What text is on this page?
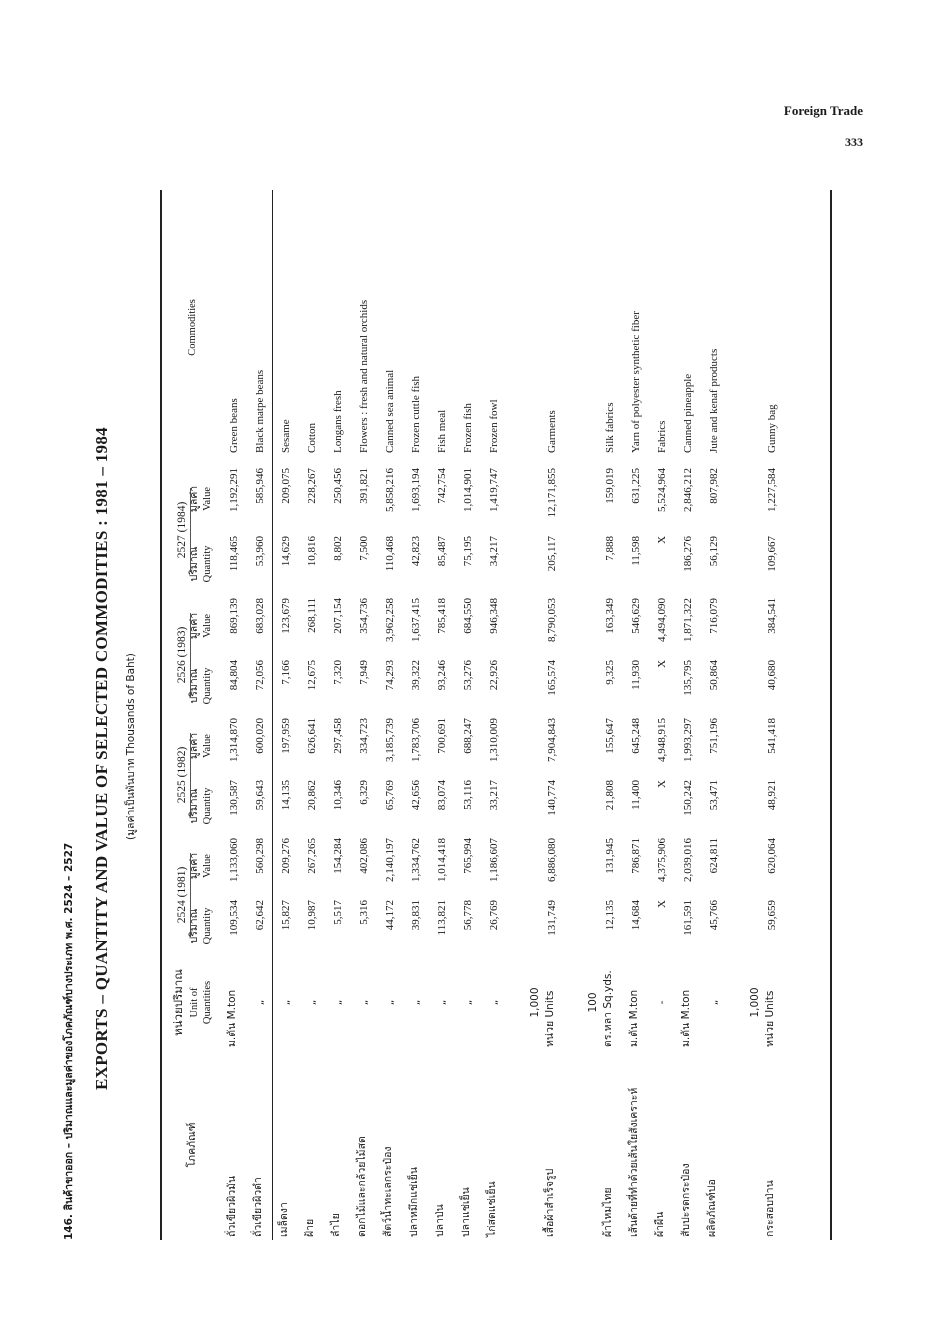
Foreign Trade
333
146. สินค้าขาออก – ปริมาณและมูลค่าของโภคภัณฑ์บางประเภท พ.ศ. 2524 – 2527 EXPORTS – QUANTITY AND VALUE OF SELECTED COMMODITIES : 1981 – 1984 (มูลค่าเป็นพันบาท Thousands of Baht)
โภคภัณฑ์	หน่วยปริมาณ	2524 (1981)		2525 (1982)		2526 (1983)		2527 (1984)		Commodities
	Unit of Quantities	ปริมาณ Quantity	มูลค่า Value	ปริมาณ Quantity	มูลค่า Value	ปริมาณ Quantity	มูลค่า Value	ปริมาณ Quantity	มูลค่า Value	
ถั่วเขียวผิวมัน	ม.ตัน M.ton	109,534	1,133,060	130,587	1,314,870	84,804	869,139	118,465	1,192,291	Green beans
ถั่วเขียวผิวดำ	„	62,642	560,298	59,643	600,020	72,056	683,028	53,960	585,946	Black matpe beans
เมล็ดงา	„	15,827	209,276	14,135	197,959	7,166	123,679	14,629	209,075	Sesame
ฝ้าย	„	10,987	267,265	20,862	626,641	12,675	268,111	10,816	228,267	Cotton
ลำไย	„	5,517	154,284	10,346	297,458	7,320	207,154	8,802	250,456	Longans fresh
ดอกไม้และกล้วยไม้สด	„	5,316	402,086	6,329	334,723	7,949	354,736	7,500	391,821	Flowers : fresh and natural orchids
สัตว์น้ำทะเลกระป๋อง	„	44,172	2,140,197	65,769	3,185,739	74,293	3,962,258	110,468	5,858,216	Canned sea animal
ปลาหมึกแช่เย็น	„	39,831	1,334,762	42,656	1,783,706	39,322	1,637,415	42,823	1,693,194	Frozen cuttle fish
ปลาป่น	„	113,821	1,014,418	83,074	700,691	93,246	785,418	85,487	742,754	Fish meal
ปลาแช่เย็น	„	56,778	765,994	53,116	688,247	53,276	684,550	75,195	1,014,901	Frozen fish
ไก่สดแช่เย็น	„	26,769	1,186,607	33,217	1,310,009	22,926	946,348	34,217	1,419,747	Frozen fowl

เสื้อผ้าสำเร็จรูป	1,000 หน่วย Units	131,749	6,886,080	140,774	7,904,843	165,574	8,790,053	205,117	12,171,855	Garments

ผ้าไหมไทย	100 ตร.หลา Sq.yds.	12,135	131,945	21,808	155,647	9,325	163,349	7,888	159,019	Silk fabrics
เส้นด้ายที่ทำด้วยเส้นใยสังเคราะห์	ม.ตัน M.ton	14,684	786,871	11,400	645,248	11,930	546,629	11,598	631,225	Yarn of polyester synthetic fiber
ผ้าผืน	-	X	4,375,906	X	4,948,915	X	4,494,090	X	5,524,964	Fabrics
สับปะรดกระป๋อง	ม.ตัน M.ton	161,591	2,039,016	150,242	1,993,297	135,795	1,871,322	186,276	2,846,212	Canned pineapple
ผลิตภัณฑ์ปอ	„	45,766	624,811	53,471	751,196	50,864	716,079	56,129	807,982	Jute and kenaf products

กระสอบป่าน	1,000 หน่วย Units	59,659	620,064	48,921	541,418	40,680	384,541	109,667	1,227,584	Gunny bag
